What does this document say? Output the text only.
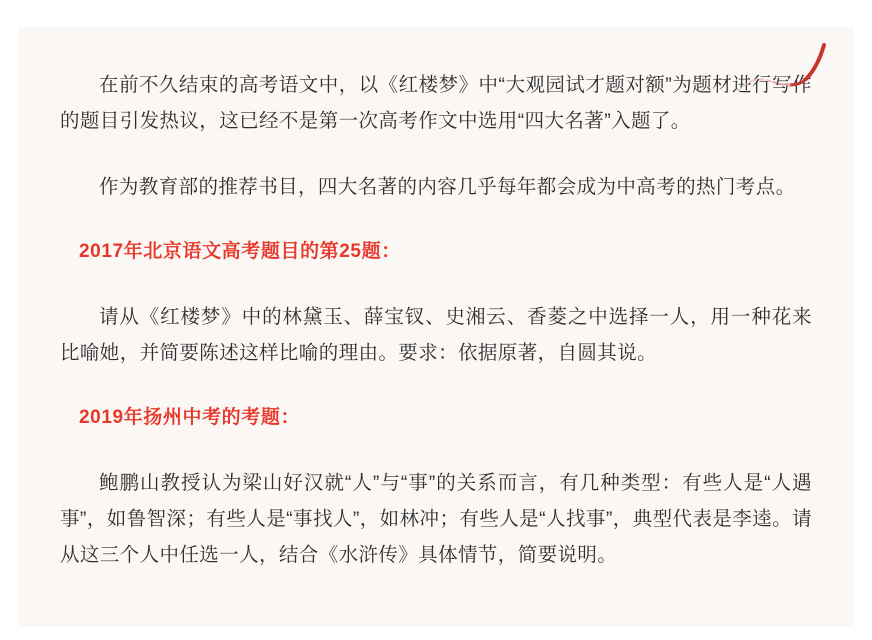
在前不久结束的高考语文中，以《红楼梦》中“大观园试才题对额”为题材进行写作的题目引发热议，这已经不是第一次高考作文中选用“四大名著”入题了。

作为教育部的推荐书目，四大名著的内容几乎每年都会成为中高考的热门考点。

2017年北京语文高考题目的第25题：

请从《红楼梦》中的林黛玉、薛宝钗、史湘云、香菱之中选择一人，用一种花来比喻她，并简要陈述这样比喻的理由。要求：依据原著，自圆其说。

2019年扬州中考的考题：

鲍鹏山教授认为梁山好汉就“人”与“事”的关系而言，有几种类型：有些人是“人遇事”，如鲁智深；有些人是“事找人”，如林冲；有些人是“人找事”，典型代表是李逵。请从这三个人中任选一人，结合《水浒传》具体情节，简要说明。
